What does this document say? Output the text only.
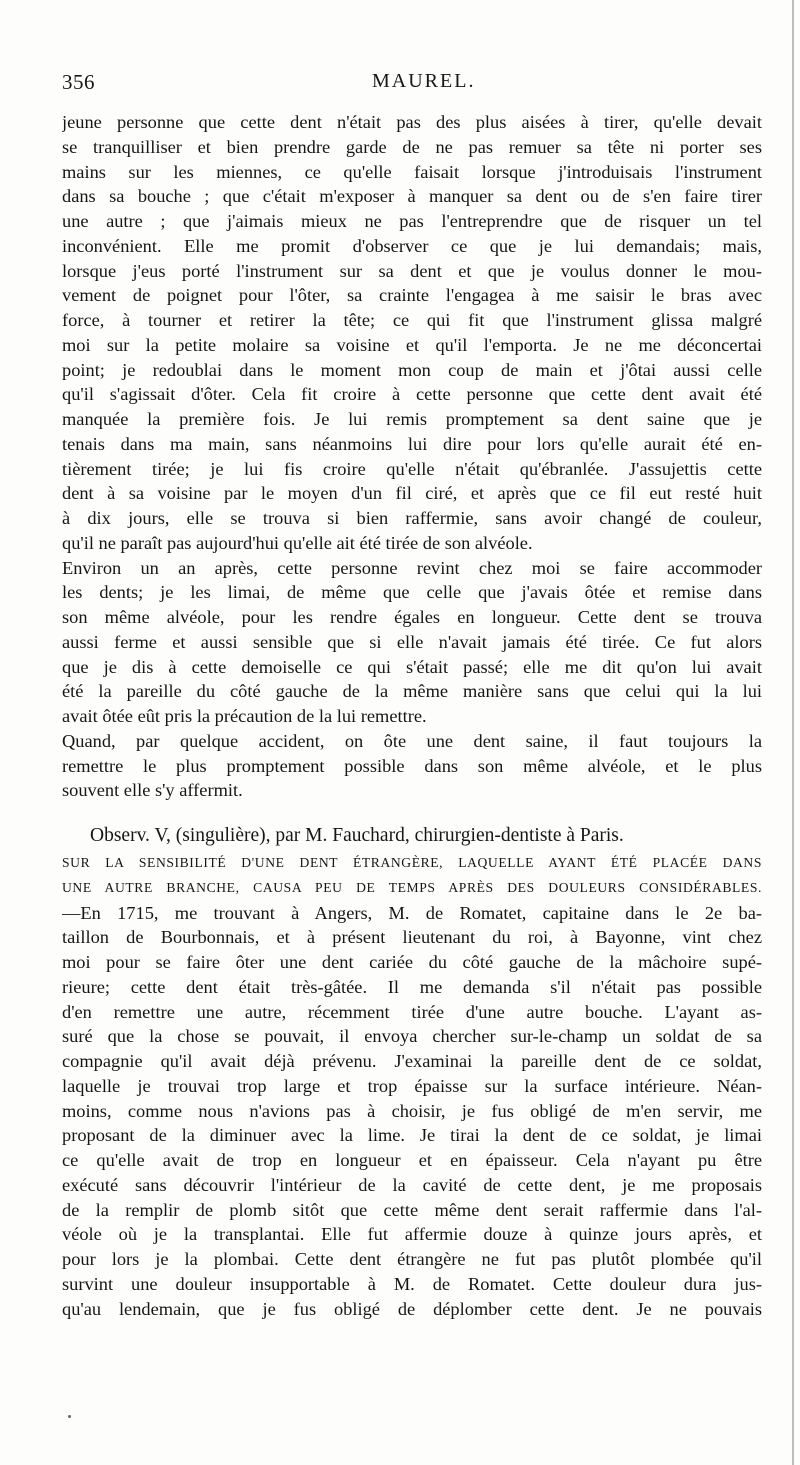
356	MAUREL.
jeune personne que cette dent n'était pas des plus aisées à tirer, qu'elle devait
se tranquilliser et bien prendre garde de ne pas remuer sa tête ni porter ses
mains sur les miennes, ce qu'elle faisait lorsque j'introduisais l'instrument
dans sa bouche ; que c'était m'exposer à manquer sa dent ou de s'en faire tirer
une autre ; que j'aimais mieux ne pas l'entreprendre que de risquer un tel
inconvénient. Elle me promit d'observer ce que je lui demandais; mais,
lorsque j'eus porté l'instrument sur sa dent et que je voulus donner le mou-
vement de poignet pour l'ôter, sa crainte l'engagea à me saisir le bras avec
force, à tourner et retirer la tête; ce qui fit que l'instrument glissa malgré
moi sur la petite molaire sa voisine et qu'il l'emporta. Je ne me déconcertai
point; je redoublai dans le moment mon coup de main et j'ôtai aussi celle
qu'il s'agissait d'ôter. Cela fit croire à cette personne que cette dent avait été
manquée la première fois. Je lui remis promptement sa dent saine que je
tenais dans ma main, sans néanmoins lui dire pour lors qu'elle aurait été en-
tièrement tirée; je lui fis croire qu'elle n'était qu'ébranlée. J'assujettis cette
dent à sa voisine par le moyen d'un fil ciré, et après que ce fil eut resté huit
à dix jours, elle se trouva si bien raffermie, sans avoir changé de couleur,
qu'il ne paraît pas aujourd'hui qu'elle ait été tirée de son alvéole.
Environ un an après, cette personne revint chez moi se faire accommoder
les dents; je les limai, de même que celle que j'avais ôtée et remise dans
son même alvéole, pour les rendre égales en longueur. Cette dent se trouva
aussi ferme et aussi sensible que si elle n'avait jamais été tirée. Ce fut alors
que je dis à cette demoiselle ce qui s'était passé; elle me dit qu'on lui avait
été la pareille du côté gauche de la même manière sans que celui qui la lui
avait ôtée eût pris la précaution de la lui remettre.
Quand, par quelque accident, on ôte une dent saine, il faut toujours la
remettre le plus promptement possible dans son même alvéole, et le plus
souvent elle s'y affermit.
Observ. V, (singulière), par M. Fauchard, chirurgien-dentiste à Paris.
SUR LA SENSIBILITÉ D'UNE DENT ÉTRANGÈRE, LAQUELLE AYANT ÉTÉ PLACÉE DANS
UNE AUTRE BRANCHE, CAUSA PEU DE TEMPS APRÈS DES DOULEURS CONSIDÉRABLES.
—En 1715, me trouvant à Angers, M. de Romatet, capitaine dans le 2e ba-
taillon de Bourbonnais, et à présent lieutenant du roi, à Bayonne, vint chez
moi pour se faire ôter une dent cariée du côté gauche de la mâchoire supé-
rieure; cette dent était très-gâtée. Il me demanda s'il n'était pas possible
d'en remettre une autre, récemment tirée d'une autre bouche. L'ayant as-
suré que la chose se pouvait, il envoya chercher sur-le-champ un soldat de sa
compagnie qu'il avait déjà prévenu. J'examinai la pareille dent de ce soldat,
laquelle je trouvai trop large et trop épaisse sur la surface intérieure. Néan-
moins, comme nous n'avions pas à choisir, je fus obligé de m'en servir, me
proposant de la diminuer avec la lime. Je tirai la dent de ce soldat, je limai
ce qu'elle avait de trop en longueur et en épaisseur. Cela n'ayant pu être
exécuté sans découvrir l'intérieur de la cavité de cette dent, je me proposais
de la remplir de plomb sitôt que cette même dent serait raffermie dans l'al-
véole où je la transplantai. Elle fut affermie douze à quinze jours après, et
pour lors je la plombai. Cette dent étrangère ne fut pas plutôt plombée qu'il
survint une douleur insupportable à M. de Romatet. Cette douleur dura jus-
qu'au lendemain, que je fus obligé de déplomber cette dent. Je ne pouvais
